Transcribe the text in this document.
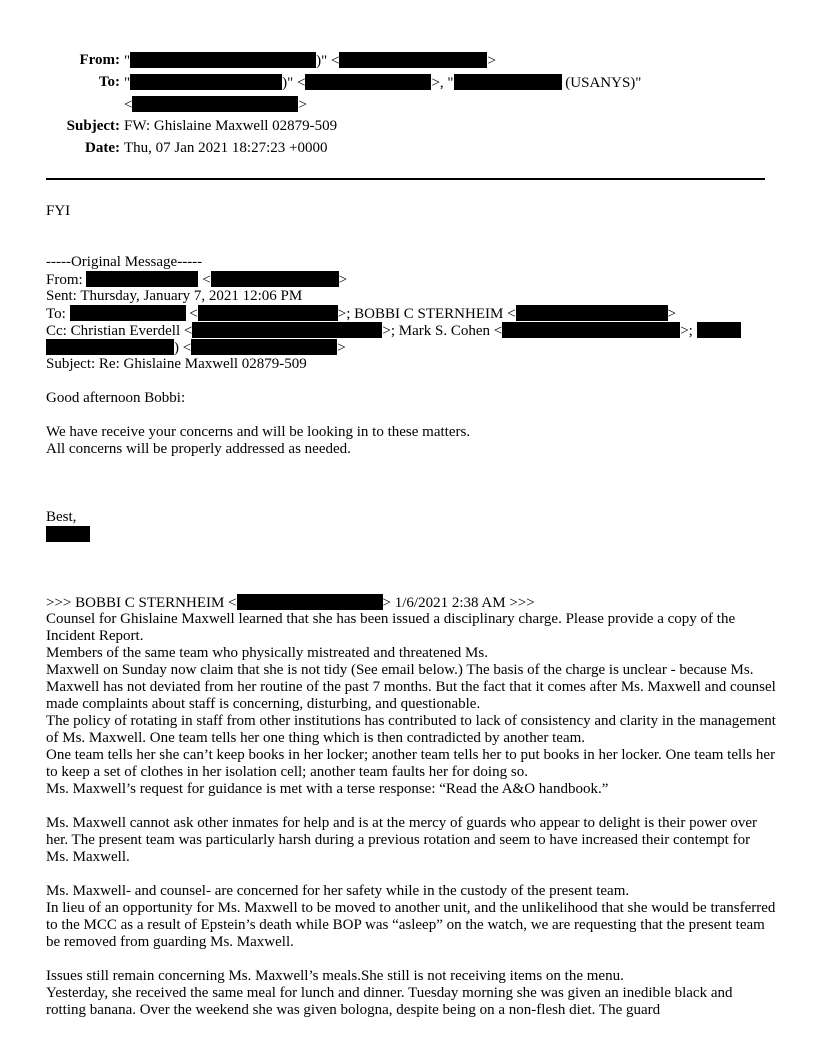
From: "	)" <	>
To: "	)" <	>, "	(USANYS)"
<	>
Subject: FW: Ghislaine Maxwell 02879-509
Date: Thu, 07 Jan 2021 18:27:23 +0000
FYI
-----Original Message-----
From:	<	>
Sent: Thursday, January 7, 2021 12:06 PM
To:	<	>; BOBBI C STERNHEIM <	>
Cc: Christian Everdell <	>; Mark S. Cohen <	>;
) <	>
Subject: Re: Ghislaine Maxwell 02879-509
Good afternoon Bobbi:
We have receive your concerns and will be looking in to these matters.
All concerns will be properly addressed as needed.
Best,
>>> BOBBI C STERNHEIM <	> 1/6/2021 2:38 AM >>>
Counsel for Ghislaine Maxwell learned that she has been issued a disciplinary charge. Please provide a copy of the Incident Report.
Members of the same team who physically mistreated and threatened Ms.
Maxwell on Sunday now claim that she is not tidy (See email below.) The basis of the charge is unclear - because Ms. Maxwell has not deviated from her routine of the past 7 months. But the fact that it comes after Ms. Maxwell and counsel made complaints about staff is concerning, disturbing, and questionable.
The policy of rotating in staff from other institutions has contributed to lack of consistency and clarity in the management of Ms. Maxwell. One team tells her one thing which is then contradicted by another team.
One team tells her she can’t keep books in her locker; another team tells her to put books in her locker. One team tells her to keep a set of clothes in her isolation cell; another team faults her for doing so.
Ms. Maxwell’s request for guidance is met with a terse response: “Read the A&O handbook.”
Ms. Maxwell cannot ask other inmates for help and is at the mercy of guards who appear to delight is their power over her. The present team was particularly harsh during a previous rotation and seem to have increased their contempt for Ms. Maxwell.
Ms. Maxwell- and counsel- are concerned for her safety while in the custody of the present team.
In lieu of an opportunity for Ms. Maxwell to be moved to another unit, and the unlikelihood that she would be transferred to the MCC as a result of Epstein’s death while BOP was “asleep” on the watch, we are requesting that the present team be removed from guarding Ms. Maxwell.
Issues still remain concerning Ms. Maxwell’s meals.She still is not receiving items on the menu.
Yesterday, she received the same meal for lunch and dinner. Tuesday morning she was given an inedible black and rotting banana. Over the weekend she was given bologna, despite being on a non-flesh diet. The guard
